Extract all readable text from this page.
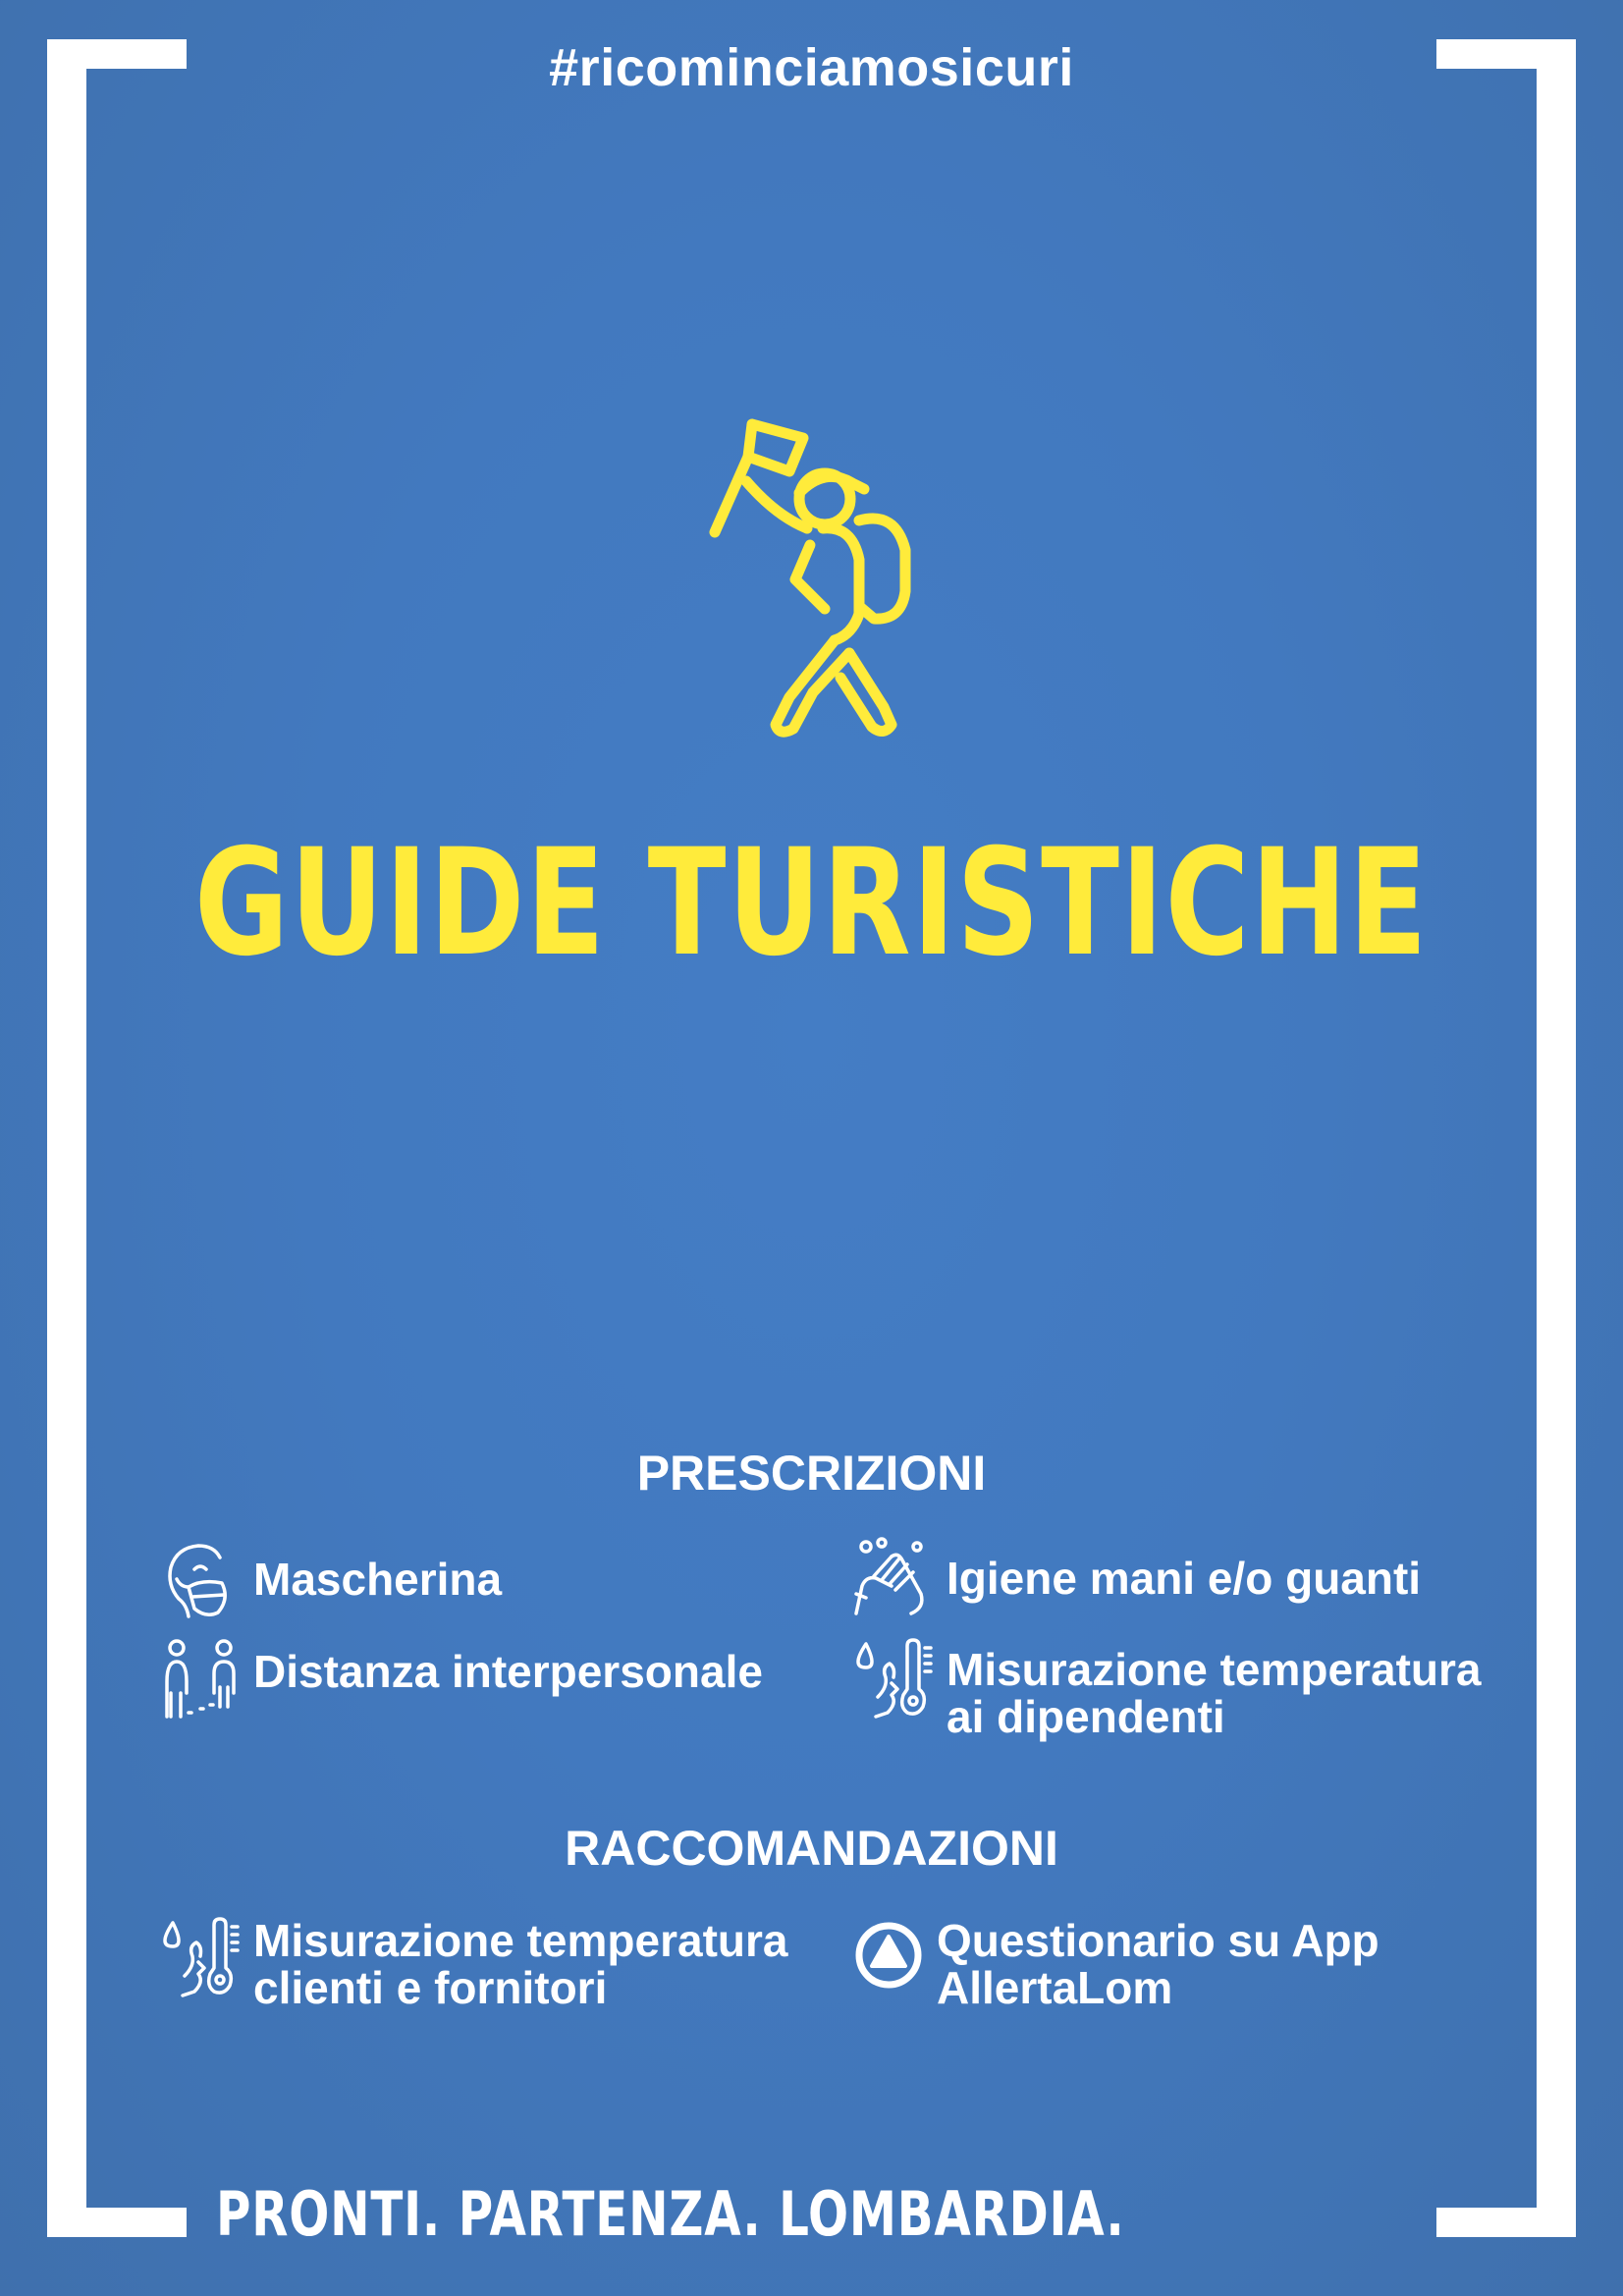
#ricominciamosicuri
GUIDE TURISTICHE
PRESCRIZIONI
Mascherina	Igiene mani e/o guanti
Distanza interpersonale	Misurazione temperatura
ai dipendenti
RACCOMANDAZIONI
Misurazione temperatura
clienti e fornitori
Questionario su App
AllertaLom
PRONTI. PARTENZA. LOMBARDIA.
